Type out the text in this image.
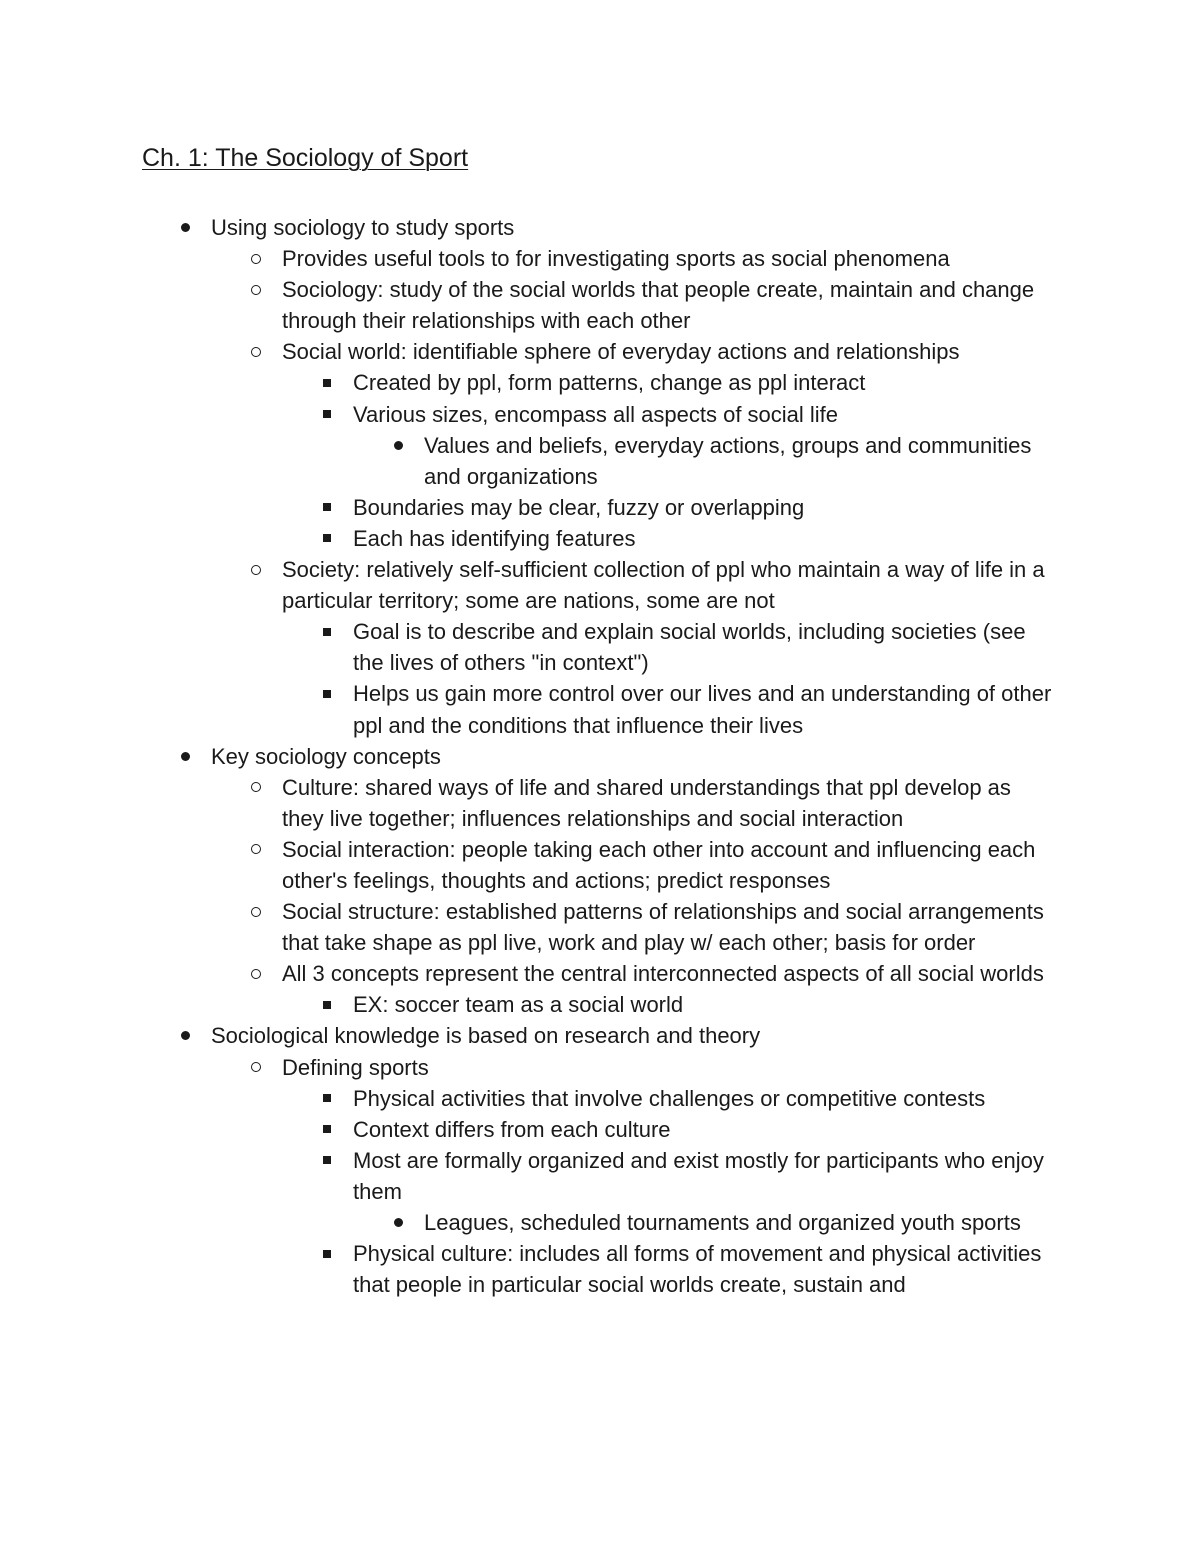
Ch. 1: The Sociology of Sport
Using sociology to study sports
Provides useful tools to for investigating sports as social phenomena
Sociology: study of the social worlds that people create, maintain and change through their relationships with each other
Social world: identifiable sphere of everyday actions and relationships
Created by ppl, form patterns, change as ppl interact
Various sizes, encompass all aspects of social life
Values and beliefs, everyday actions, groups and communities and organizations
Boundaries may be clear, fuzzy or overlapping
Each has identifying features
Society: relatively self-sufficient collection of ppl who maintain a way of life in a particular territory; some are nations, some are not
Goal is to describe and explain social worlds, including societies (see the lives of others "in context")
Helps us gain more control over our lives and an understanding of other ppl and the conditions that influence their lives
Key sociology concepts
Culture: shared ways of life and shared understandings that ppl develop as they live together; influences relationships and social interaction
Social interaction: people taking each other into account and influencing each other's feelings, thoughts and actions; predict responses
Social structure: established patterns of relationships and social arrangements that take shape as ppl live, work and play w/ each other; basis for order
All 3 concepts represent the central interconnected aspects of all social worlds
EX: soccer team as a social world
Sociological knowledge is based on research and theory
Defining sports
Physical activities that involve challenges or competitive contests
Context differs from each culture
Most are formally organized and exist mostly for participants who enjoy them
Leagues, scheduled tournaments and organized youth sports
Physical culture: includes all forms of movement and physical activities that people in particular social worlds create, sustain and
